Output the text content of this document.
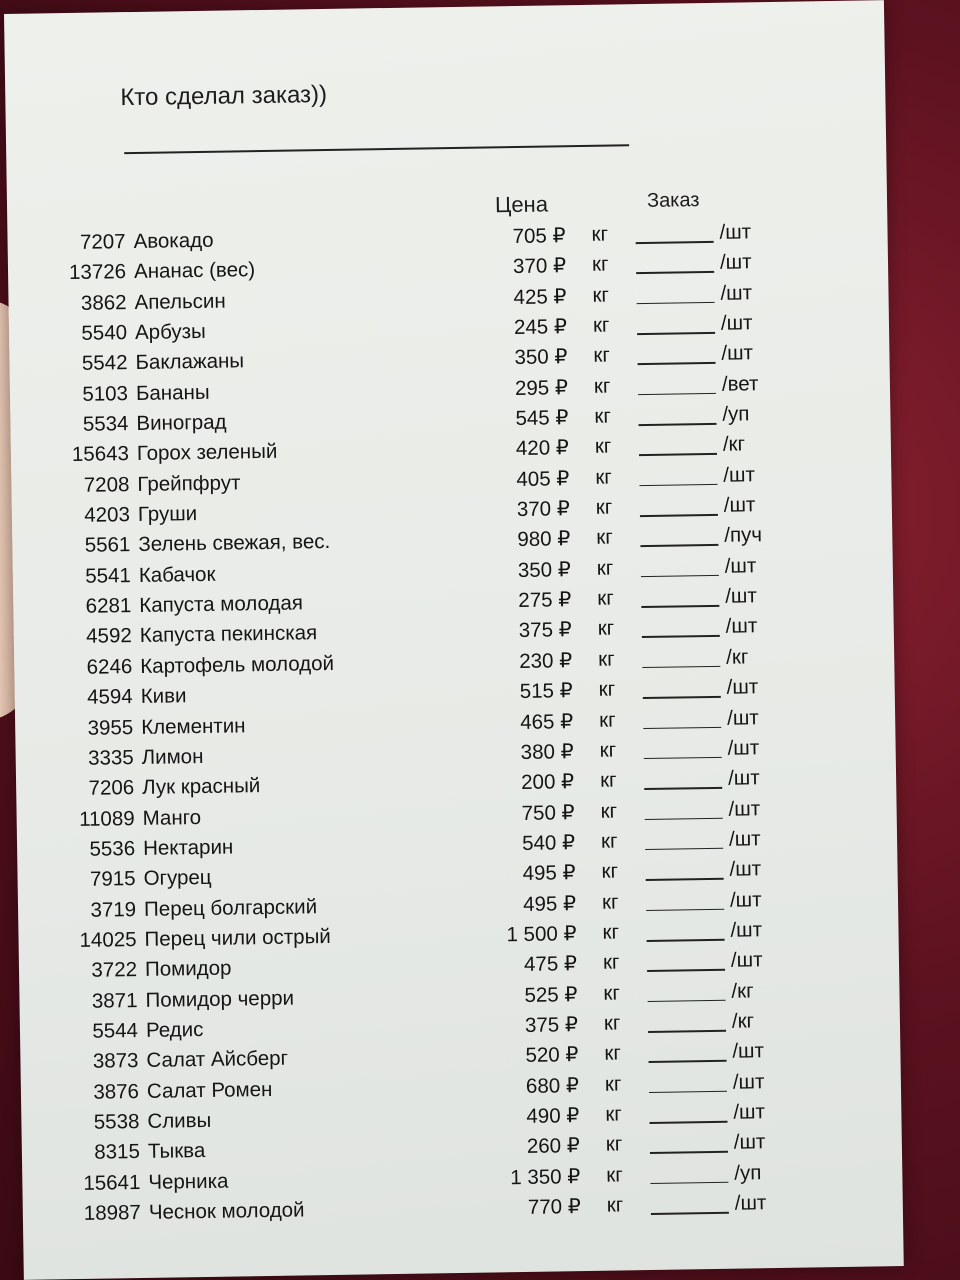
Кто сделал заказ))
Цена	Заказ
7207 Авокадо	705 ₽ кг	/шт
13726 Ананас (вес)	370 ₽ кг	/шт
3862 Апельсин	425 ₽ кг	/шт
5540 Арбузы	245 ₽ кг	/шт
5542 Баклажаны	350 ₽ кг	/шт
5103 Бананы	295 ₽ кг	/вет
5534 Виноград	545 ₽ кг	/уп
15643 Горох зеленый	420 ₽ кг	/кг
7208 Грейпфрут	405 ₽ кг	/шт
4203 Груши	370 ₽ кг	/шт
5561 Зелень свежая, вес.	980 ₽ кг	/пуч
5541 Кабачок	350 ₽ кг	/шт
6281 Капуста молодая	275 ₽ кг	/шт
4592 Капуста пекинская	375 ₽ кг	/шт
6246 Картофель молодой	230 ₽ кг	/кг
4594 Киви	515 ₽ кг	/шт
3955 Клементин	465 ₽ кг	/шт
3335 Лимон	380 ₽ кг	/шт
7206 Лук красный	200 ₽ кг	/шт
11089 Манго	750 ₽ кг	/шт
5536 Нектарин	540 ₽ кг	/шт
7915 Огурец	495 ₽ кг	/шт
3719 Перец болгарский	495 ₽ кг	/шт
14025 Перец чили острый	1 500 ₽ кг	/шт
3722 Помидор	475 ₽ кг	/шт
3871 Помидор черри	525 ₽ кг	/кг
5544 Редис	375 ₽ кг	/кг
3873 Салат Айсберг	520 ₽ кг	/шт
3876 Салат Ромен	680 ₽ кг	/шт
5538 Сливы	490 ₽ кг	/шт
8315 Тыква	260 ₽ кг	/шт
15641 Черника	1 350 ₽ кг	/уп
18987 Чеснок молодой	770 ₽ кг	/шт
